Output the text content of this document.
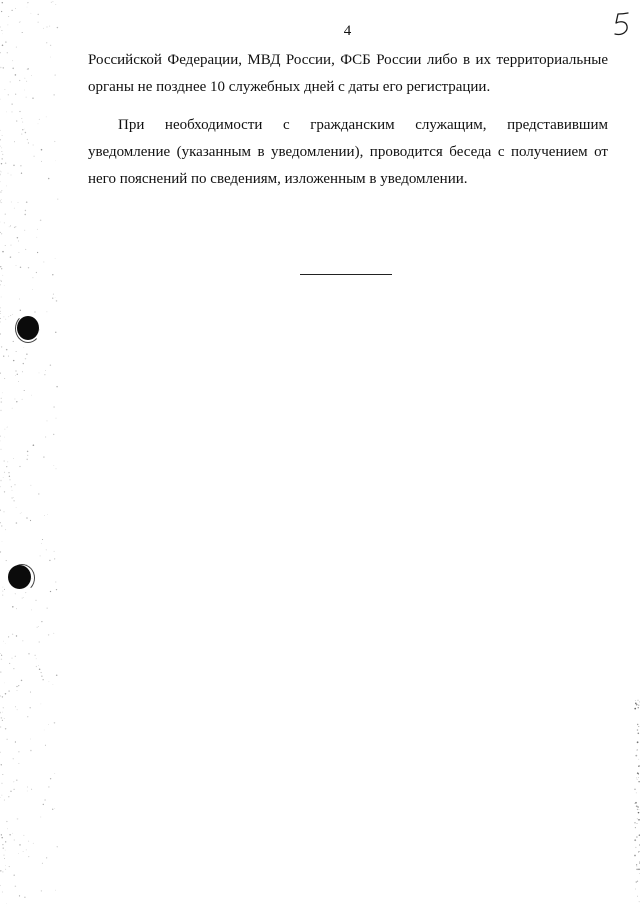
4

Российской Федерации, МВД России, ФСБ России либо в их территориальные органы не позднее 10 служебных дней с даты его регистрации.

При необходимости с гражданским служащим, представившим уведомление (указанным в уведомлении), проводится беседа с получением от него пояснений по сведениям, изложенным в уведомлении.
